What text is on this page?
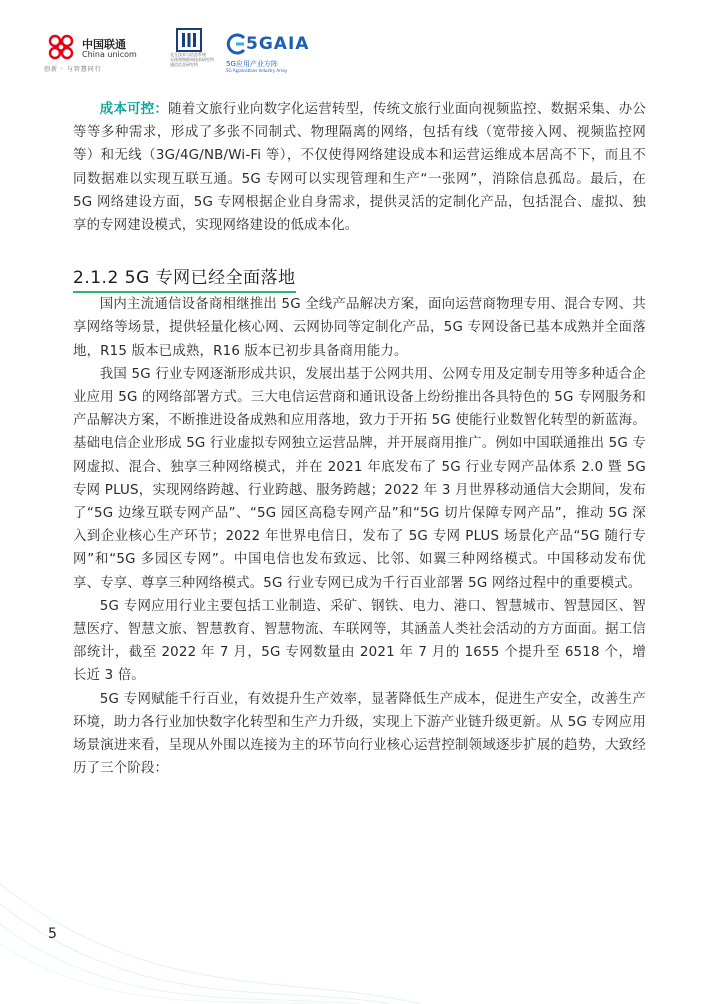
中国联通
China unicom
创新 · 与智慧同行
交互技术与信息系统
无线和物联网技术研究所
通信信息研究所
5GAIA
5G应用产业方阵
5G Applications Industry Array

成本可控：随着文旅行业向数字化运营转型，传统文旅行业面向视频监控、数据采集、办公等等多种需求，形成了多张不同制式、物理隔离的网络，包括有线（宽带接入网、视频监控网等）和无线（3G/4G/NB/Wi-Fi 等），不仅使得网络建设成本和运营运维成本居高不下，而且不同数据难以实现互联互通。5G 专网可以实现管理和生产“一张网”，消除信息孤岛。最后，在 5G 网络建设方面，5G 专网根据企业自身需求，提供灵活的定制化产品，包括混合、虚拟、独享的专网建设模式，实现网络建设的低成本化。

2.1.2 5G 专网已经全面落地

国内主流通信设备商相继推出 5G 全线产品解决方案，面向运营商物理专用、混合专网、共享网络等场景，提供轻量化核心网、云网协同等定制化产品，5G 专网设备已基本成熟并全面落地，R15 版本已成熟，R16 版本已初步具备商用能力。

我国 5G 行业专网逐渐形成共识，发展出基于公网共用、公网专用及定制专用等多种适合企业应用 5G 的网络部署方式。三大电信运营商和通讯设备上纷纷推出各具特色的 5G 专网服务和产品解决方案，不断推进设备成熟和应用落地，致力于开拓 5G 使能行业数智化转型的新蓝海。基础电信企业形成 5G 行业虚拟专网独立运营品牌，并开展商用推广。例如中国联通推出 5G 专网虚拟、混合、独享三种网络模式，并在 2021 年底发布了 5G 行业专网产品体系 2.0 暨 5G 专网 PLUS，实现网络跨越、行业跨越、服务跨越；2022 年 3 月世界移动通信大会期间，发布了“5G 边缘互联专网产品”、“5G 园区高稳专网产品”和“5G 切片保障专网产品”，推动 5G 深入到企业核心生产环节；2022 年世界电信日，发布了 5G 专网 PLUS 场景化产品“5G 随行专网”和“5G 多园区专网”。中国电信也发布致远、比邻、如翼三种网络模式。中国移动发布优享、专享、尊享三种网络模式。5G 行业专网已成为千行百业部署 5G 网络过程中的重要模式。

5G 专网应用行业主要包括工业制造、采矿、钢铁、电力、港口、智慧城市、智慧园区、智慧医疗、智慧文旅、智慧教育、智慧物流、车联网等，其涵盖人类社会活动的方方面面。据工信部统计，截至 2022 年 7 月，5G 专网数量由 2021 年 7 月的 1655 个提升至 6518 个，增长近 3 倍。

5G 专网赋能千行百业，有效提升生产效率，显著降低生产成本，促进生产安全，改善生产环境，助力各行业加快数字化转型和生产力升级，实现上下游产业链升级更新。从 5G 专网应用场景演进来看，呈现从外围以连接为主的环节向行业核心运营控制领域逐步扩展的趋势，大致经历了三个阶段：

5
